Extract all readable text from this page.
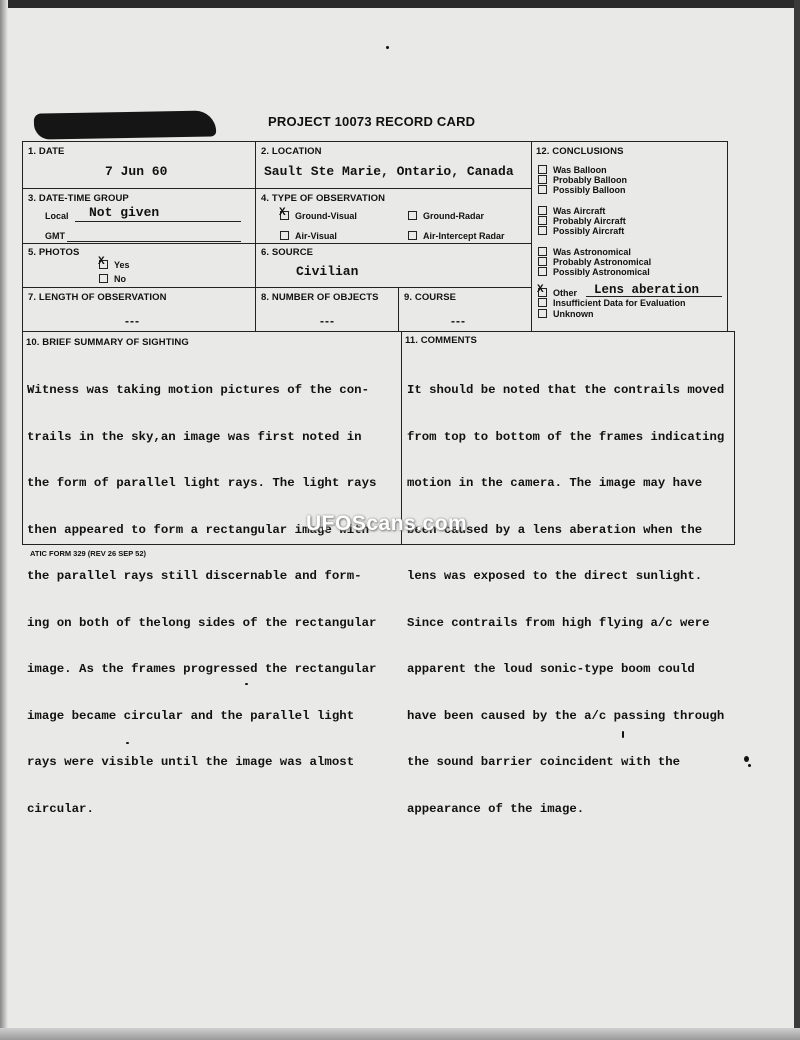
PROJECT 10073 RECORD CARD
1. DATE
7 Jun 60
2. LOCATION
Sault Ste Marie, Ontario, Canada
3. DATE-TIME GROUP
Local Not given
GMT
4. TYPE OF OBSERVATION
XGround-Visual	Ground-Radar
Air-Visual	Air-Intercept Radar
5. PHOTOS
XYes
No
6. SOURCE
Civilian
7. LENGTH OF OBSERVATION
---
8. NUMBER OF OBJECTS
---
9. COURSE
---
12. CONCLUSIONS
Was Balloon
Probably Balloon
Possibly Balloon
Was Aircraft
Probably Aircraft
Possibly Aircraft
Was Astronomical
Probably Astronomical
Possibly Astronomical
XOther Lens aberation
Insufficient Data for Evaluation
Unknown
10. BRIEF SUMMARY OF SIGHTING	11. COMMENTS

Witness was taking motion pictures of the con-

trails in the sky,an image was first noted in

the form of parallel light rays. The light rays

then appeared to form a rectangular image with

the parallel rays still discernable and form-

ing on both of thelong sides of the rectangular

image. As the frames progressed the rectangular

image became circular and the parallel light

rays were visible until the image was almost

circular.

It should be noted that the contrails moved

from top to bottom of the frames indicating

motion in the camera. The image may have

been caused by a lens aberation when the

lens was exposed to the direct sunlight.

Since contrails from high flying a/c were

apparent the loud sonic-type boom could

have been caused by the a/c passing through

the sound barrier coincident with the

appearance of the image.

UFOScans.com
ATIC FORM 329 (REV 26 SEP 52)
